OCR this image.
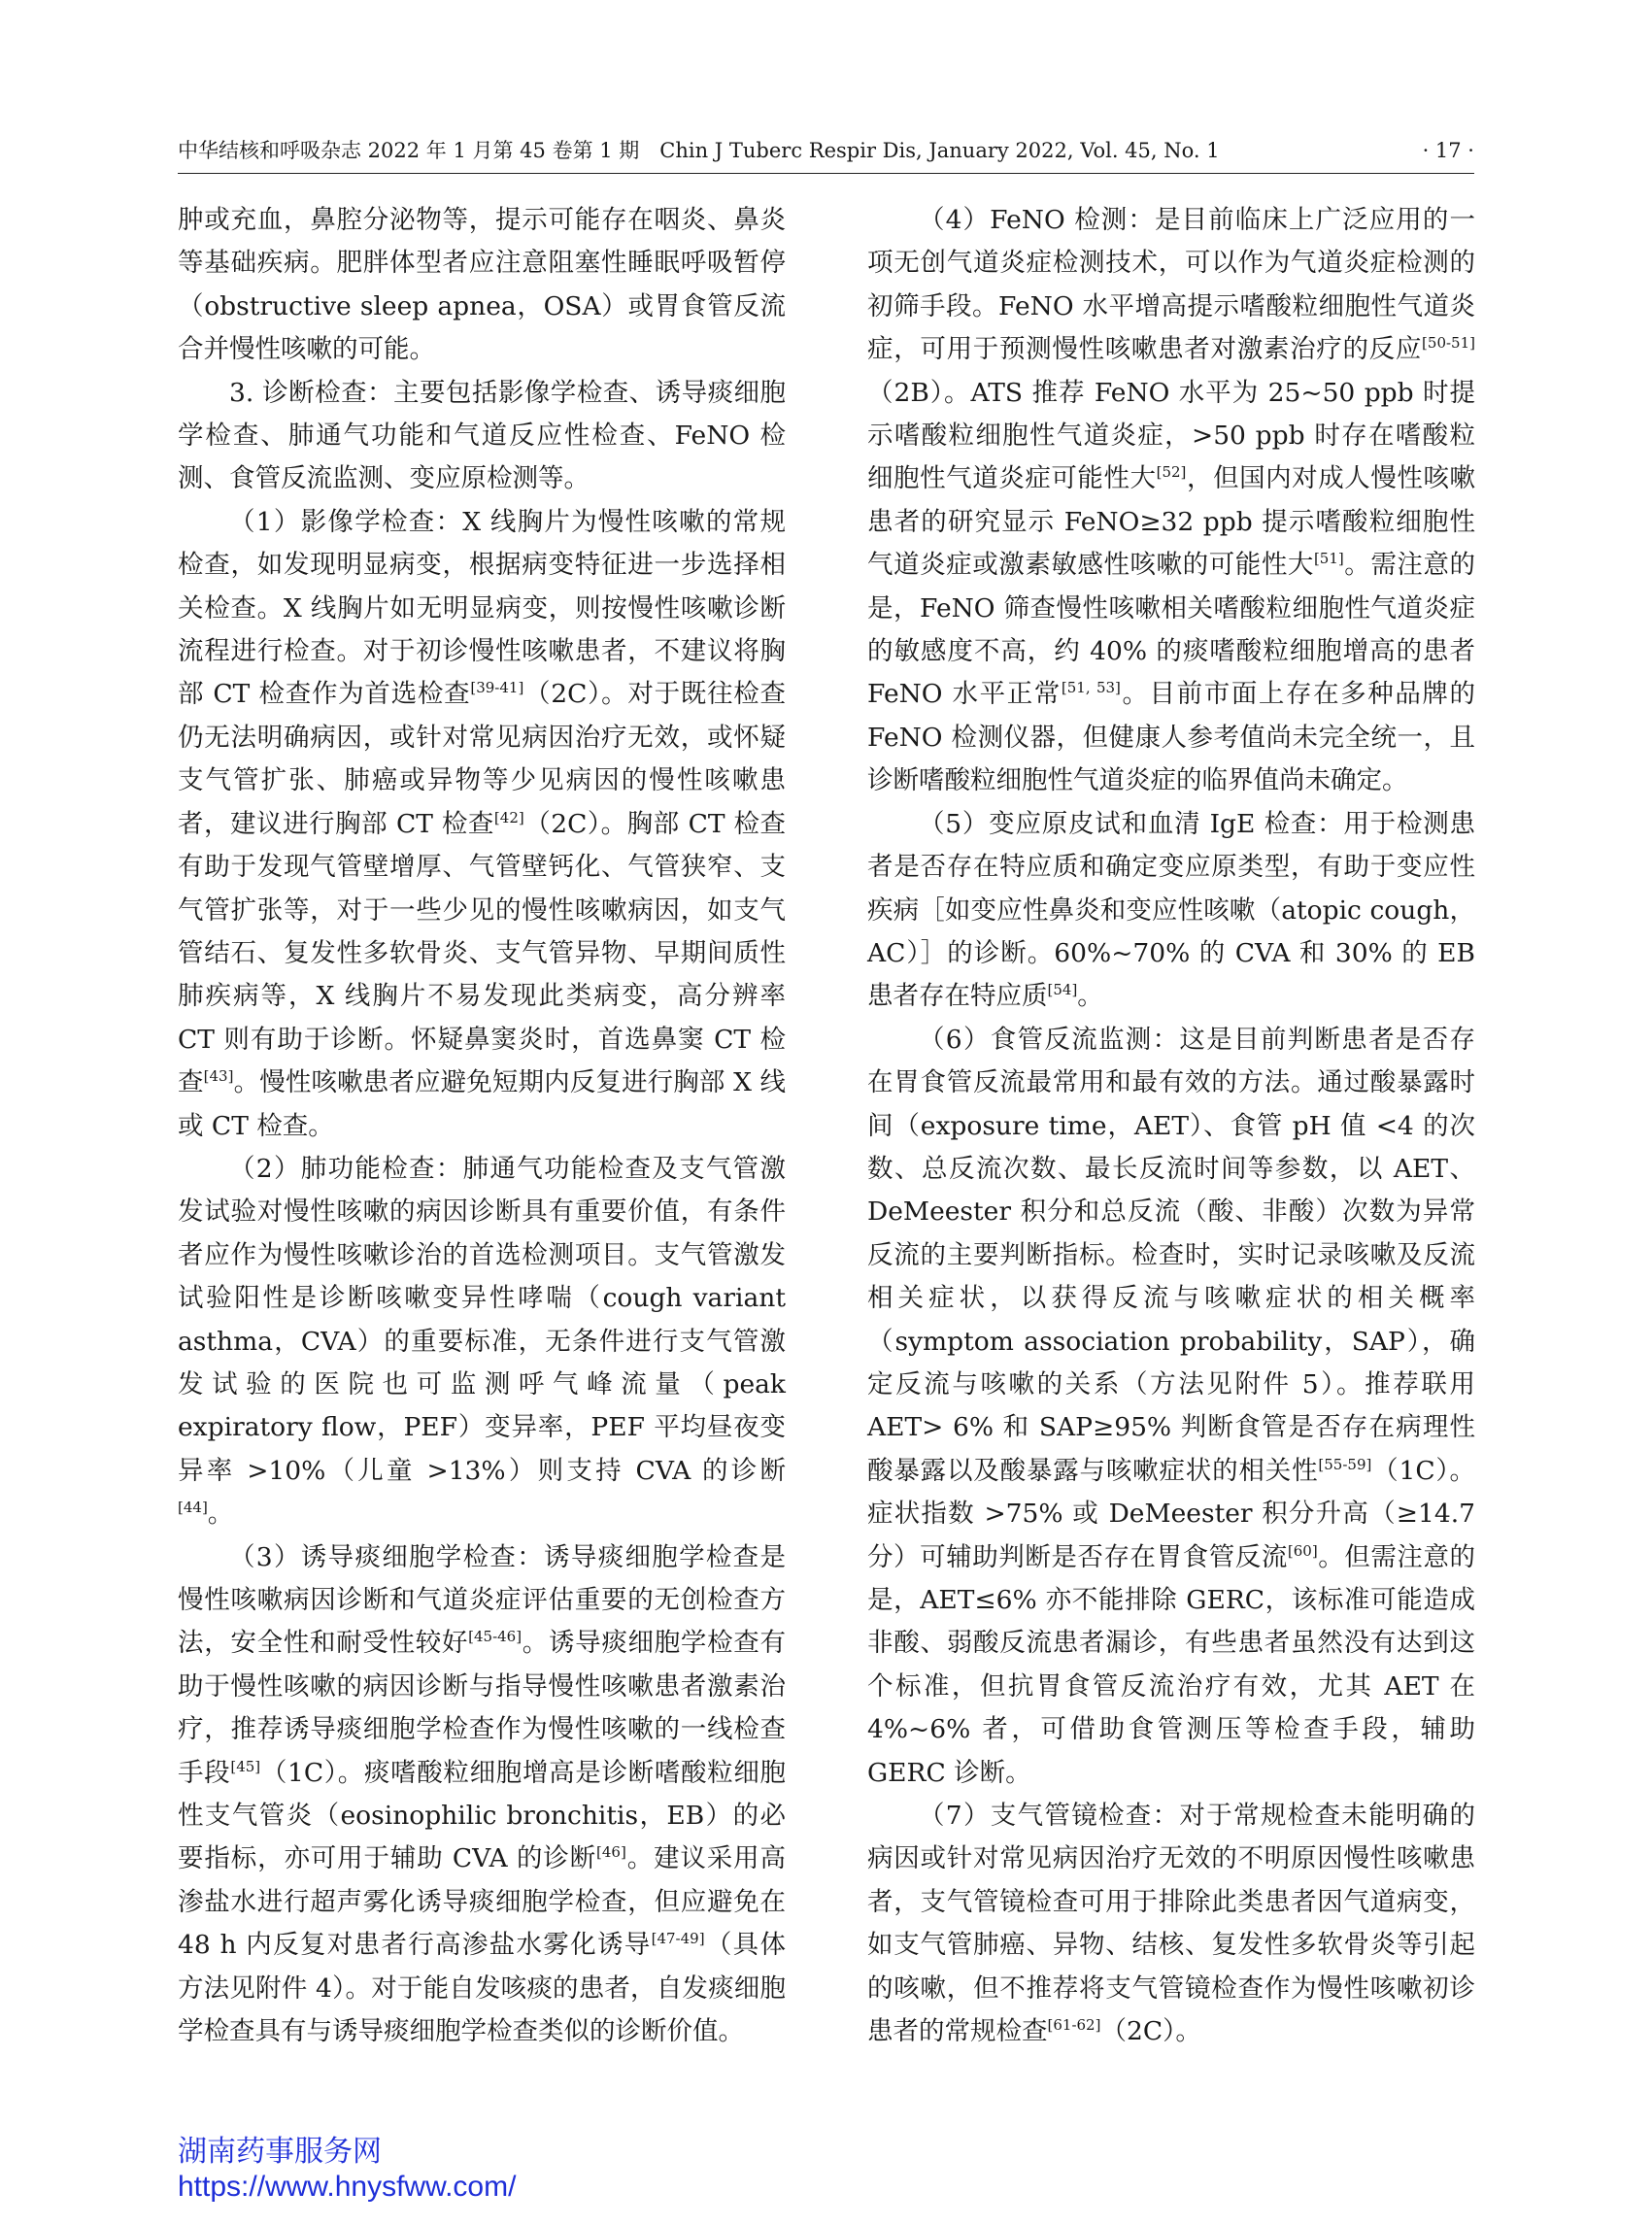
中华结核和呼吸杂志 2022 年 1 月第 45 卷第 1 期　Chin J Tuberc Respir Dis, January 2022, Vol. 45, No. 1	· 17 ·

肿或充血，鼻腔分泌物等，提示可能存在咽炎、鼻炎等基础疾病。肥胖体型者应注意阻塞性睡眠呼吸暂停（obstructive sleep apnea，OSA）或胃食管反流合并慢性咳嗽的可能。

3. 诊断检查：主要包括影像学检查、诱导痰细胞学检查、肺通气功能和气道反应性检查、FeNO 检测、食管反流监测、变应原检测等。

（1）影像学检查：X 线胸片为慢性咳嗽的常规检查，如发现明显病变，根据病变特征进一步选择相关检查。X 线胸片如无明显病变，则按慢性咳嗽诊断流程进行检查。对于初诊慢性咳嗽患者，不建议将胸部 CT 检查作为首选检查[39-41]（2C）。对于既往检查仍无法明确病因，或针对常见病因治疗无效，或怀疑支气管扩张、肺癌或异物等少见病因的慢性咳嗽患者，建议进行胸部 CT 检查[42]（2C）。胸部 CT 检查有助于发现气管壁增厚、气管壁钙化、气管狭窄、支气管扩张等，对于一些少见的慢性咳嗽病因，如支气管结石、复发性多软骨炎、支气管异物、早期间质性肺疾病等，X 线胸片不易发现此类病变，高分辨率 CT 则有助于诊断。怀疑鼻窦炎时，首选鼻窦 CT 检查[43]。慢性咳嗽患者应避免短期内反复进行胸部 X 线或 CT 检查。

（2）肺功能检查：肺通气功能检查及支气管激发试验对慢性咳嗽的病因诊断具有重要价值，有条件者应作为慢性咳嗽诊治的首选检测项目。支气管激发试验阳性是诊断咳嗽变异性哮喘（cough variant asthma，CVA）的重要标准，无条件进行支气管激发试验的医院也可监测呼气峰流量（peak expiratory flow，PEF）变异率，PEF 平均昼夜变异率 >10%（儿童 >13%）则支持 CVA 的诊断[44]。

（3）诱导痰细胞学检查：诱导痰细胞学检查是慢性咳嗽病因诊断和气道炎症评估重要的无创检查方法，安全性和耐受性较好[45-46]。诱导痰细胞学检查有助于慢性咳嗽的病因诊断与指导慢性咳嗽患者激素治疗，推荐诱导痰细胞学检查作为慢性咳嗽的一线检查手段[45]（1C）。痰嗜酸粒细胞增高是诊断嗜酸粒细胞性支气管炎（eosinophilic bronchitis，EB）的必要指标，亦可用于辅助 CVA 的诊断[46]。建议采用高渗盐水进行超声雾化诱导痰细胞学检查，但应避免在 48 h 内反复对患者行高渗盐水雾化诱导[47-49]（具体方法见附件 4）。对于能自发咳痰的患者，自发痰细胞学检查具有与诱导痰细胞学检查类似的诊断价值。

（4）FeNO 检测：是目前临床上广泛应用的一项无创气道炎症检测技术，可以作为气道炎症检测的初筛手段。FeNO 水平增高提示嗜酸粒细胞性气道炎症，可用于预测慢性咳嗽患者对激素治疗的反应[50-51]（2B）。ATS 推荐 FeNO 水平为 25~50 ppb 时提示嗜酸粒细胞性气道炎症，>50 ppb 时存在嗜酸粒细胞性气道炎症可能性大[52]，但国内对成人慢性咳嗽患者的研究显示 FeNO≥32 ppb 提示嗜酸粒细胞性气道炎症或激素敏感性咳嗽的可能性大[51]。需注意的是，FeNO 筛查慢性咳嗽相关嗜酸粒细胞性气道炎症的敏感度不高，约 40% 的痰嗜酸粒细胞增高的患者 FeNO 水平正常[51, 53]。目前市面上存在多种品牌的 FeNO 检测仪器，但健康人参考值尚未完全统一，且诊断嗜酸粒细胞性气道炎症的临界值尚未确定。

（5）变应原皮试和血清 IgE 检查：用于检测患者是否存在特应质和确定变应原类型，有助于变应性疾病［如变应性鼻炎和变应性咳嗽（atopic cough，AC）］的诊断。60%~70% 的 CVA 和 30% 的 EB 患者存在特应质[54]。

（6）食管反流监测：这是目前判断患者是否存在胃食管反流最常用和最有效的方法。通过酸暴露时间（exposure time，AET）、食管 pH 值 <4 的次数、总反流次数、最长反流时间等参数，以 AET、DeMeester 积分和总反流（酸、非酸）次数为异常反流的主要判断指标。检查时，实时记录咳嗽及反流相关症状，以获得反流与咳嗽症状的相关概率（symptom association probability，SAP），确定反流与咳嗽的关系（方法见附件 5）。推荐联用 AET> 6% 和 SAP≥95% 判断食管是否存在病理性酸暴露以及酸暴露与咳嗽症状的相关性[55-59]（1C）。症状指数 >75% 或 DeMeester 积分升高（≥14.7 分）可辅助判断是否存在胃食管反流[60]。但需注意的是，AET≤6% 亦不能排除 GERC，该标准可能造成非酸、弱酸反流患者漏诊，有些患者虽然没有达到这个标准，但抗胃食管反流治疗有效，尤其 AET 在 4%~6% 者，可借助食管测压等检查手段，辅助 GERC 诊断。

（7）支气管镜检查：对于常规检查未能明确的病因或针对常见病因治疗无效的不明原因慢性咳嗽患者，支气管镜检查可用于排除此类患者因气道病变，如支气管肺癌、异物、结核、复发性多软骨炎等引起的咳嗽，但不推荐将支气管镜检查作为慢性咳嗽初诊患者的常规检查[61-62]（2C）。

湖南药事服务网
https://www.hnysfww.com/
